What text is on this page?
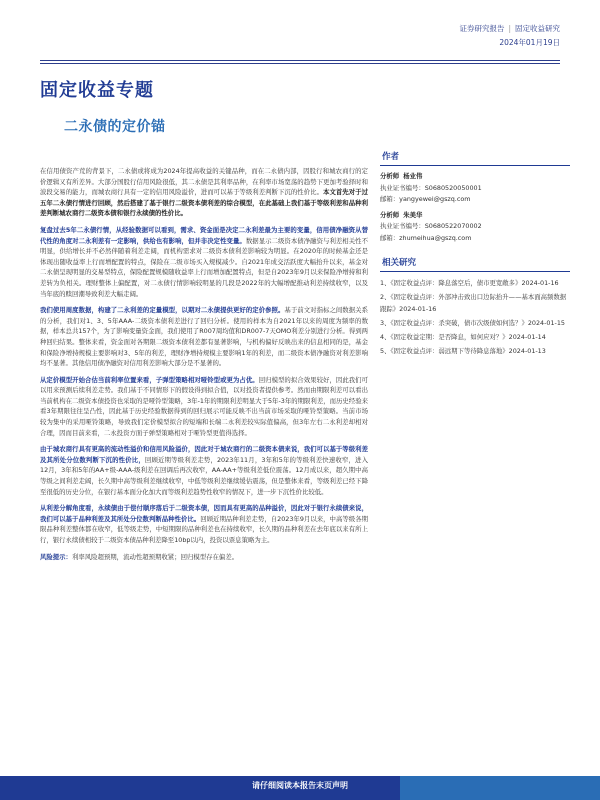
证券研究报告 | 固定收益研究
2024年01月19日
固定收益专题
二永债的定价锚

在信用债资产荒的背景下，二永债或将成为2024年提高收益的关键品种，而在二永债内部，因股行和城农商行的定价逻辑又有所差异。大部分国股行信用风险很低，其二永债是其利率品种，在利率市场宽荡的趋势下更加考验择时和波段交易的能力，而城农商行具有一定的信用风险溢价，进而可以基于等级利差判断下沉的性价比。本文首先对于过五年二永债行情进行回顾，然后搭建了基于银行二级资本债利差的综合模型，在此基础上我们基于等级利差和品种利差判断城农商行二级资本债和银行永续债的性价比。

复盘过去5年二永债行情，从经验数据可以看到，需求、资金面是决定二永利差最为主要的变量，信用债净融资从替代性的角度对二永利差有一定影响，供给也有影响，但并非决定性变量。数据显示二级资本债净融资与利差相关性不明显，供给增长并不必然伴随着利差走阔，而机构需求对二级资本债利差影响较为明显。在2020年的时候基金还是体现出随收益率上行而增配置的特点，保险在二级市场买入规模减少。自2021年成交活跃度大幅抬升以来，基金对二永债呈现明显的交易型特点，保险配置规模随收益率上行而增加配置特点，但是自2023年9月以来保险净增持和利差转为负相关。理财整体上偏配置，对二永债行情影响较明显的几段是2022年的大幅增配推动利差持续收窄，以及当年底的赎回潮导致利差大幅走阔。

我们使用周度数据，构建了二永利差的定量模型，以期对二永债提供更好的定价参照。基于前文对指标之间数据关系的分析，我们对1、3、5年AAA-二级资本债利差进行了回归分析。使用的样本为自2021年以来的周度为频率的数据，样本总共157个，为了影响变量资金面，我们使用了R007周均值和DR007-7天OMO利差分别进行分析。得到两种回归结果。整体来看，资金面对各期限二级资本债利差都有显著影响，与机构偏好反映出来的信息相同的是，基金和保险净增持规模主要影响对3、5年的利差，理财净增持规模主要影响1年的利差，而二级资本债净融资对利差影响均不显著。其他信用债净融资对信用利差影响大部分是不显著的。

从定价模型开始合估当前利率位置来看，子弹型策略相对哑铃型或更为占优。回归模型的拟合效果较好，因此我们可以用来预测后续利差走势。我们基于不同情形下的假设得到拟合值，以对投资者提供参考。然而由期限利差可以看出当前机构在二级资本债投资也采取的是哑铃型策略，3年-1年的期限利差明显大于5年-3年的期限利差，而历史经验来看3年期限往往呈凸性，因此基于历史经验数据得到的回归展示可能反映不出当前市场采取的哑铃型策略。当前市场较为集中的采用哑铃策略，导致我们定价模型拟合的短端和长端二永利差较实际值偏高，但3年左右二永利差却相对合理，因而目前来看，二永投资方面子弹型策略相对于哑铃型更值得选择。

由于城农商行具有更高的流动性溢价和信用风险溢价，因此对于城农商行的二级资本债来说，我们可以基于等级利差及其所处分位数判断下沉的性价比，回顾近期等级利差走势，2023年11月，3年和5年的等级利差快速收窄，进入12月，3年和5年的AA+级-AAA-级利差在回调后再次收窄，AA-AA+等级利差低位震荡。12月成以来，超久期中高等级之间利差走阔，长久期中高等级利差继续收窄，中低等级利差继续缓估震荡，但是整体来看，等级利差已经下降至很低的历史分位，在银行基本面分化加大而等级利差趋势性收窄的情况下，进一步下沉性价比较低。

从利差分解角度看，永续债由于偿付顺序落后于二级资本债，因而具有更高的品种溢价，因此对于银行永续债来说，我们可以基于品种利差及其所处分位数判断品种性价比。回顾近期品种利差走势，自2023年9月以来，中高等级各期限品种利差整体都在收窄，低等级走势，中短期限的品种利差也在持续收窄，长久期的品种利差在去年底以来有所上行，银行永续债相较于二级资本债品种利差降至10bp以内，投资以票息策略为主。

风险提示：利率风险超预期，流动性超预期收紧；回归模型存在偏差。

作者
分析师 杨业伟
执业证书编号：S0680520050001
邮箱：yangyewei@gszq.com
分析师 朱美华
执业证书编号：S0680522070002
邮箱：zhumeihua@gszq.com
相关研究
1、《固定收益点评：降息落空后，债市更宽敞多》2024-01-16
2、《固定收益点评：外部冲击致出口边际抬升——基本面高频数据跟踪》2024-01-16
3、《固定收益点评：杀突破，债市次级债如何选？》2024-01-15
4、《固定收益定期：是否降息，如何应对？》2024-01-14
5、《固定收益点评：弱远期下等待降息落地》2024-01-13
请仔细阅读本报告末页声明
